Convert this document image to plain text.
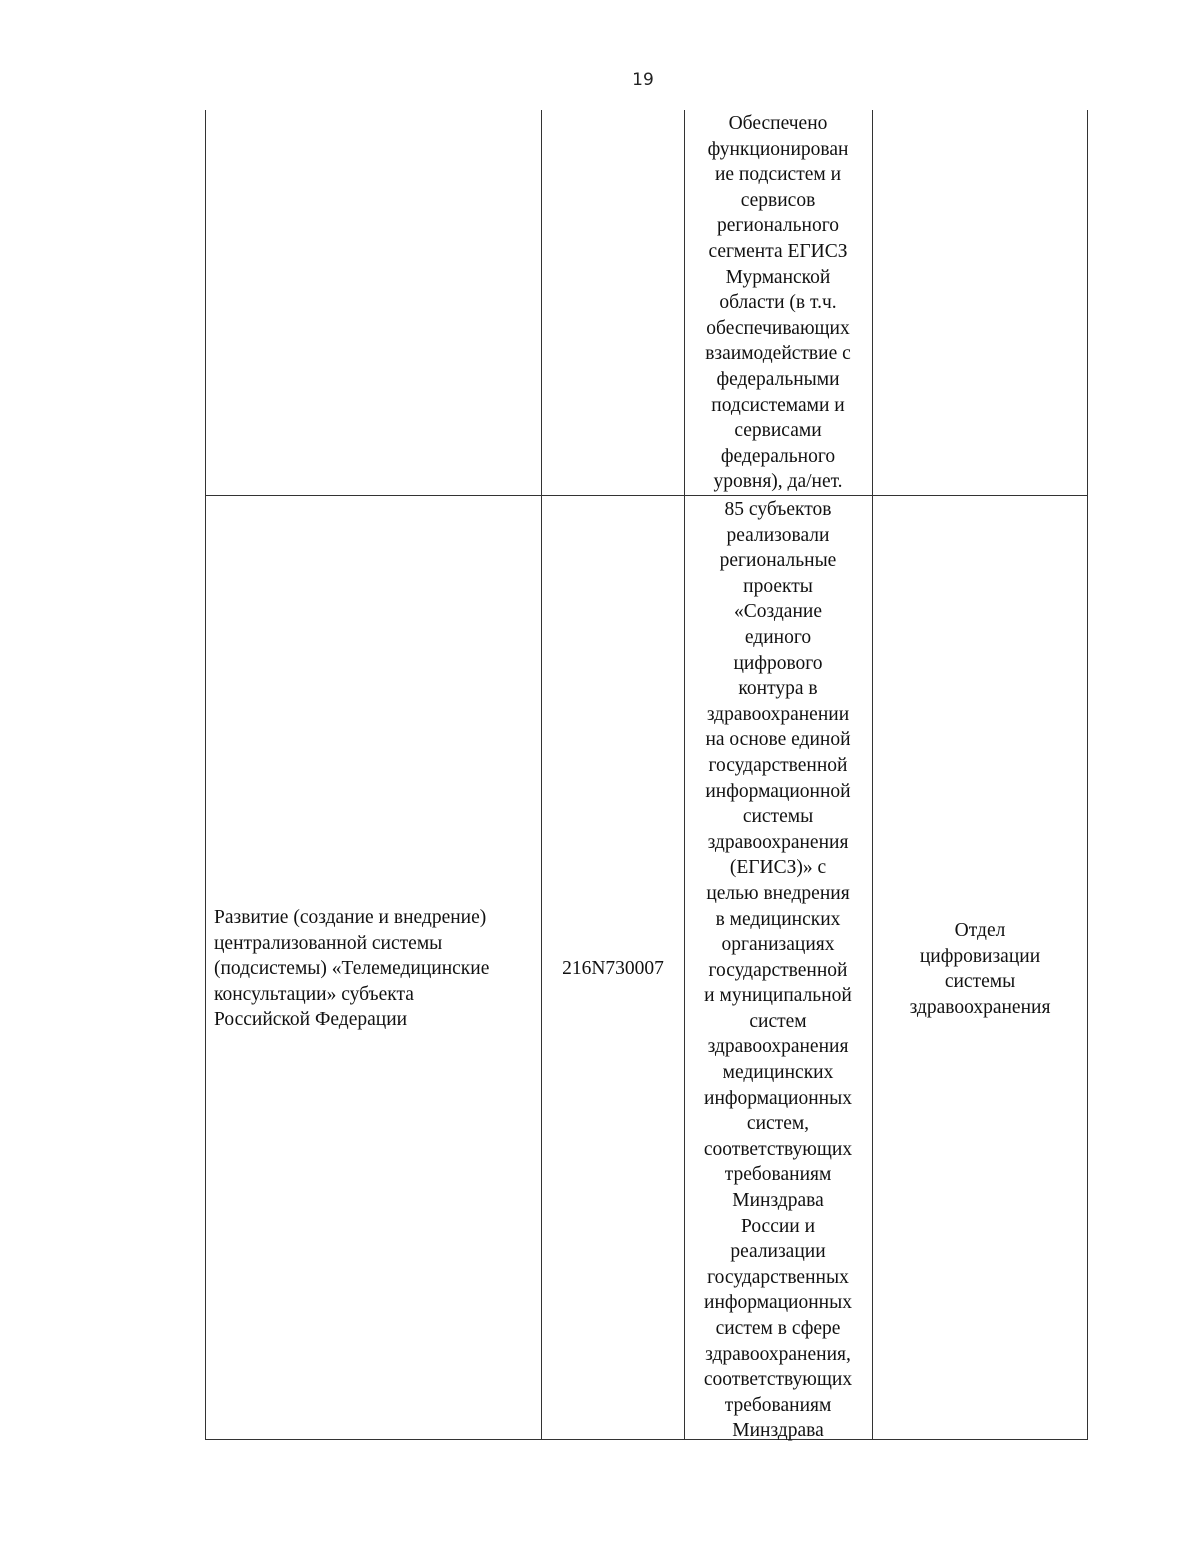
19
Обеспечено
функционирован
ие подсистем и
сервисов
регионального
сегмента ЕГИСЗ
Мурманской
области (в т.ч.
обеспечивающих
взаимодействие с
федеральными
подсистемами и
сервисами
федерального
уровня), да/нет.
Развитие (создание и внедрение)
централизованной системы
(подсистемы) «Телемедицинские
консультации» субъекта
Российской Федерации
216N730007
85 субъектов
реализовали
региональные
проекты
«Создание
единого
цифрового
контура в
здравоохранении
на основе единой
государственной
информационной
системы
здравоохранения
(ЕГИСЗ)» с
целью внедрения
в медицинских
организациях
государственной
и муниципальной
систем
здравоохранения
медицинских
информационных
систем,
соответствующих
требованиям
Минздрава
России и
реализации
государственных
информационных
систем в сфере
здравоохранения,
соответствующих
требованиям
Минздрава
Отдел
цифровизации
системы
здравоохранения
